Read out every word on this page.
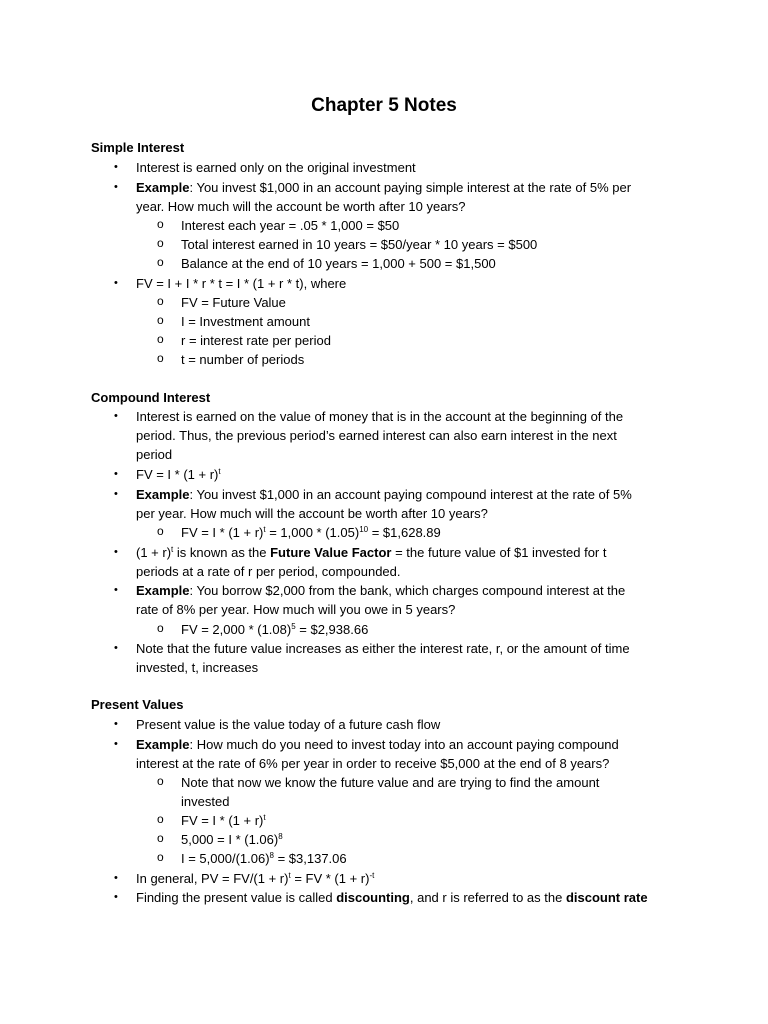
Chapter 5 Notes
Simple Interest
• Interest is earned only on the original investment
• Example: You invest $1,000 in an account paying simple interest at the rate of 5% per
year. How much will the account be worth after 10 years?
o Interest each year = .05 * 1,000 = $50
o Total interest earned in 10 years = $50/year * 10 years = $500
o Balance at the end of 10 years = 1,000 + 500 = $1,500
• FV = I + I * r * t = I * (1 + r * t), where
o FV = Future Value
o I = Investment amount
o r = interest rate per period
o t = number of periods
Compound Interest
• Interest is earned on the value of money that is in the account at the beginning of the
period. Thus, the previous period’s earned interest can also earn interest in the next
period
• FV = $I * (1 + r)^t$
• Example: You invest $1,000 in an account paying compound interest at the rate of 5%
per year. How much will the account be worth after 10 years?
o FV = $I * (1 + r)^t = 1,000 * (1.05)^{10}$ = $1,628.89
• $(1 + r)^t$ is known as the Future Value Factor = the future value of $1 invested for t
periods at a rate of r per period, compounded.
• Example: You borrow $2,000 from the bank, which charges compound interest at the
rate of 8% per year. How much will you owe in 5 years?
o FV = $2,000 * (1.08)^5$ = $2,938.66
• Note that the future value increases as either the interest rate, r, or the amount of time
invested, t, increases
Present Values
• Present value is the value today of a future cash flow
• Example: How much do you need to invest today into an account paying compound
interest at the rate of 6% per year in order to receive $5,000 at the end of 8 years?
o Note that now we know the future value and are trying to find the amount
invested
o FV = $I * (1 + r)^t$
o $5,000 = I * (1.06)^8$
o $I = 5,000/(1.06)^8$ = $3,137.06
• In general, PV = $FV/(1 + r)^t$ = FV * $(1 + r)^{-t}$
• Finding the present value is called discounting, and r is referred to as the discount rate
